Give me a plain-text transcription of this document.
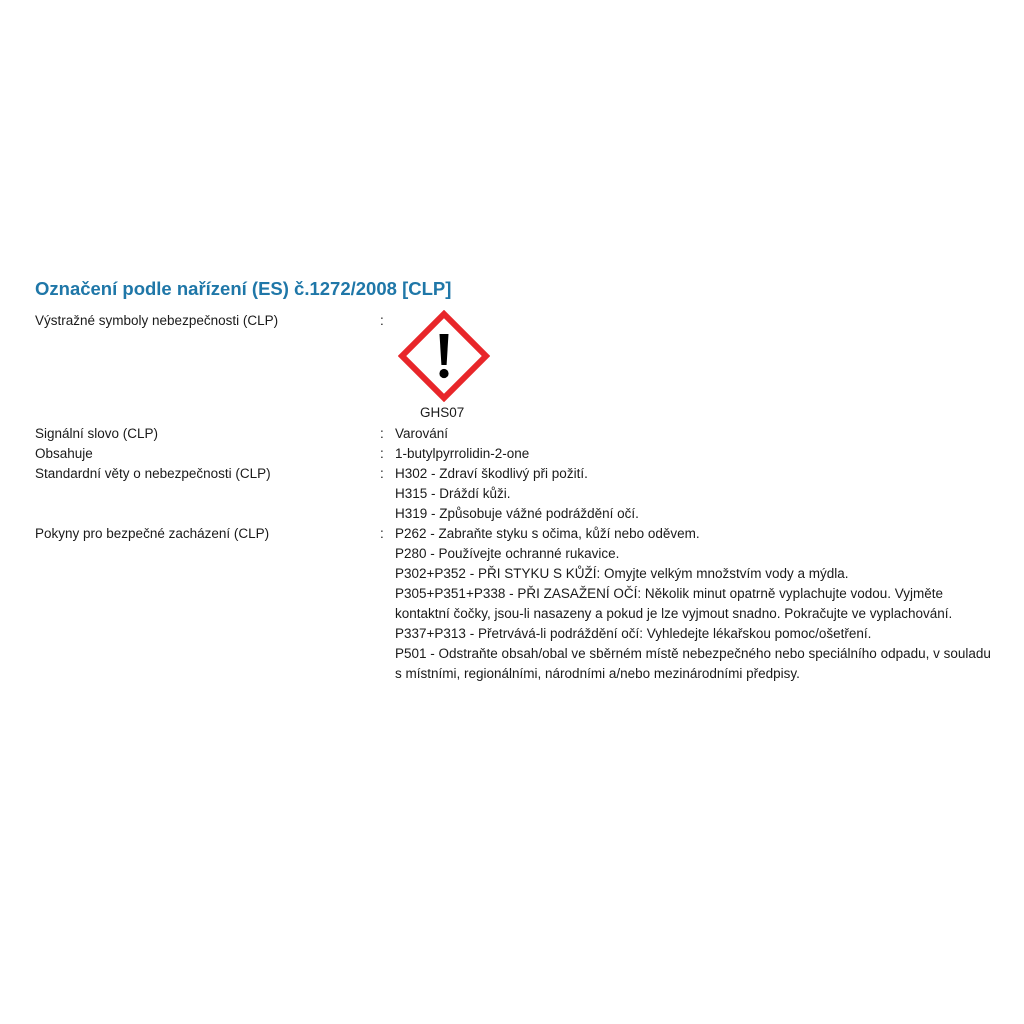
Označení podle nařízení (ES) č.1272/2008 [CLP]
Výstražné symboly nebezpečnosti (CLP)	:
GHS07
Signální slovo (CLP)	: Varování
Obsahuje	: 1-butylpyrrolidin-2-one
Standardní věty o nebezpečnosti (CLP)	: H302 - Zdraví škodlivý při požití.
H315 - Dráždí kůži.
H319 - Způsobuje vážné podráždění očí.
Pokyny pro bezpečné zacházení (CLP)	: P262 - Zabraňte styku s očima, kůží nebo oděvem.
P280 - Používejte ochranné rukavice.
P302+P352 - PŘI STYKU S KŮŽÍ: Omyjte velkým množstvím vody a mýdla.
P305+P351+P338 - PŘI ZASAŽENÍ OČÍ: Několik minut opatrně vyplachujte vodou. Vyjměte kontaktní čočky, jsou-li nasazeny a pokud je lze vyjmout snadno. Pokračujte ve vyplachování.
P337+P313 - Přetrvává-li podráždění očí: Vyhledejte lékařskou pomoc/ošetření.
P501 - Odstraňte obsah/obal ve sběrném místě nebezpečného nebo speciálního odpadu, v souladu s místními, regionálními, národními a/nebo mezinárodními předpisy.
